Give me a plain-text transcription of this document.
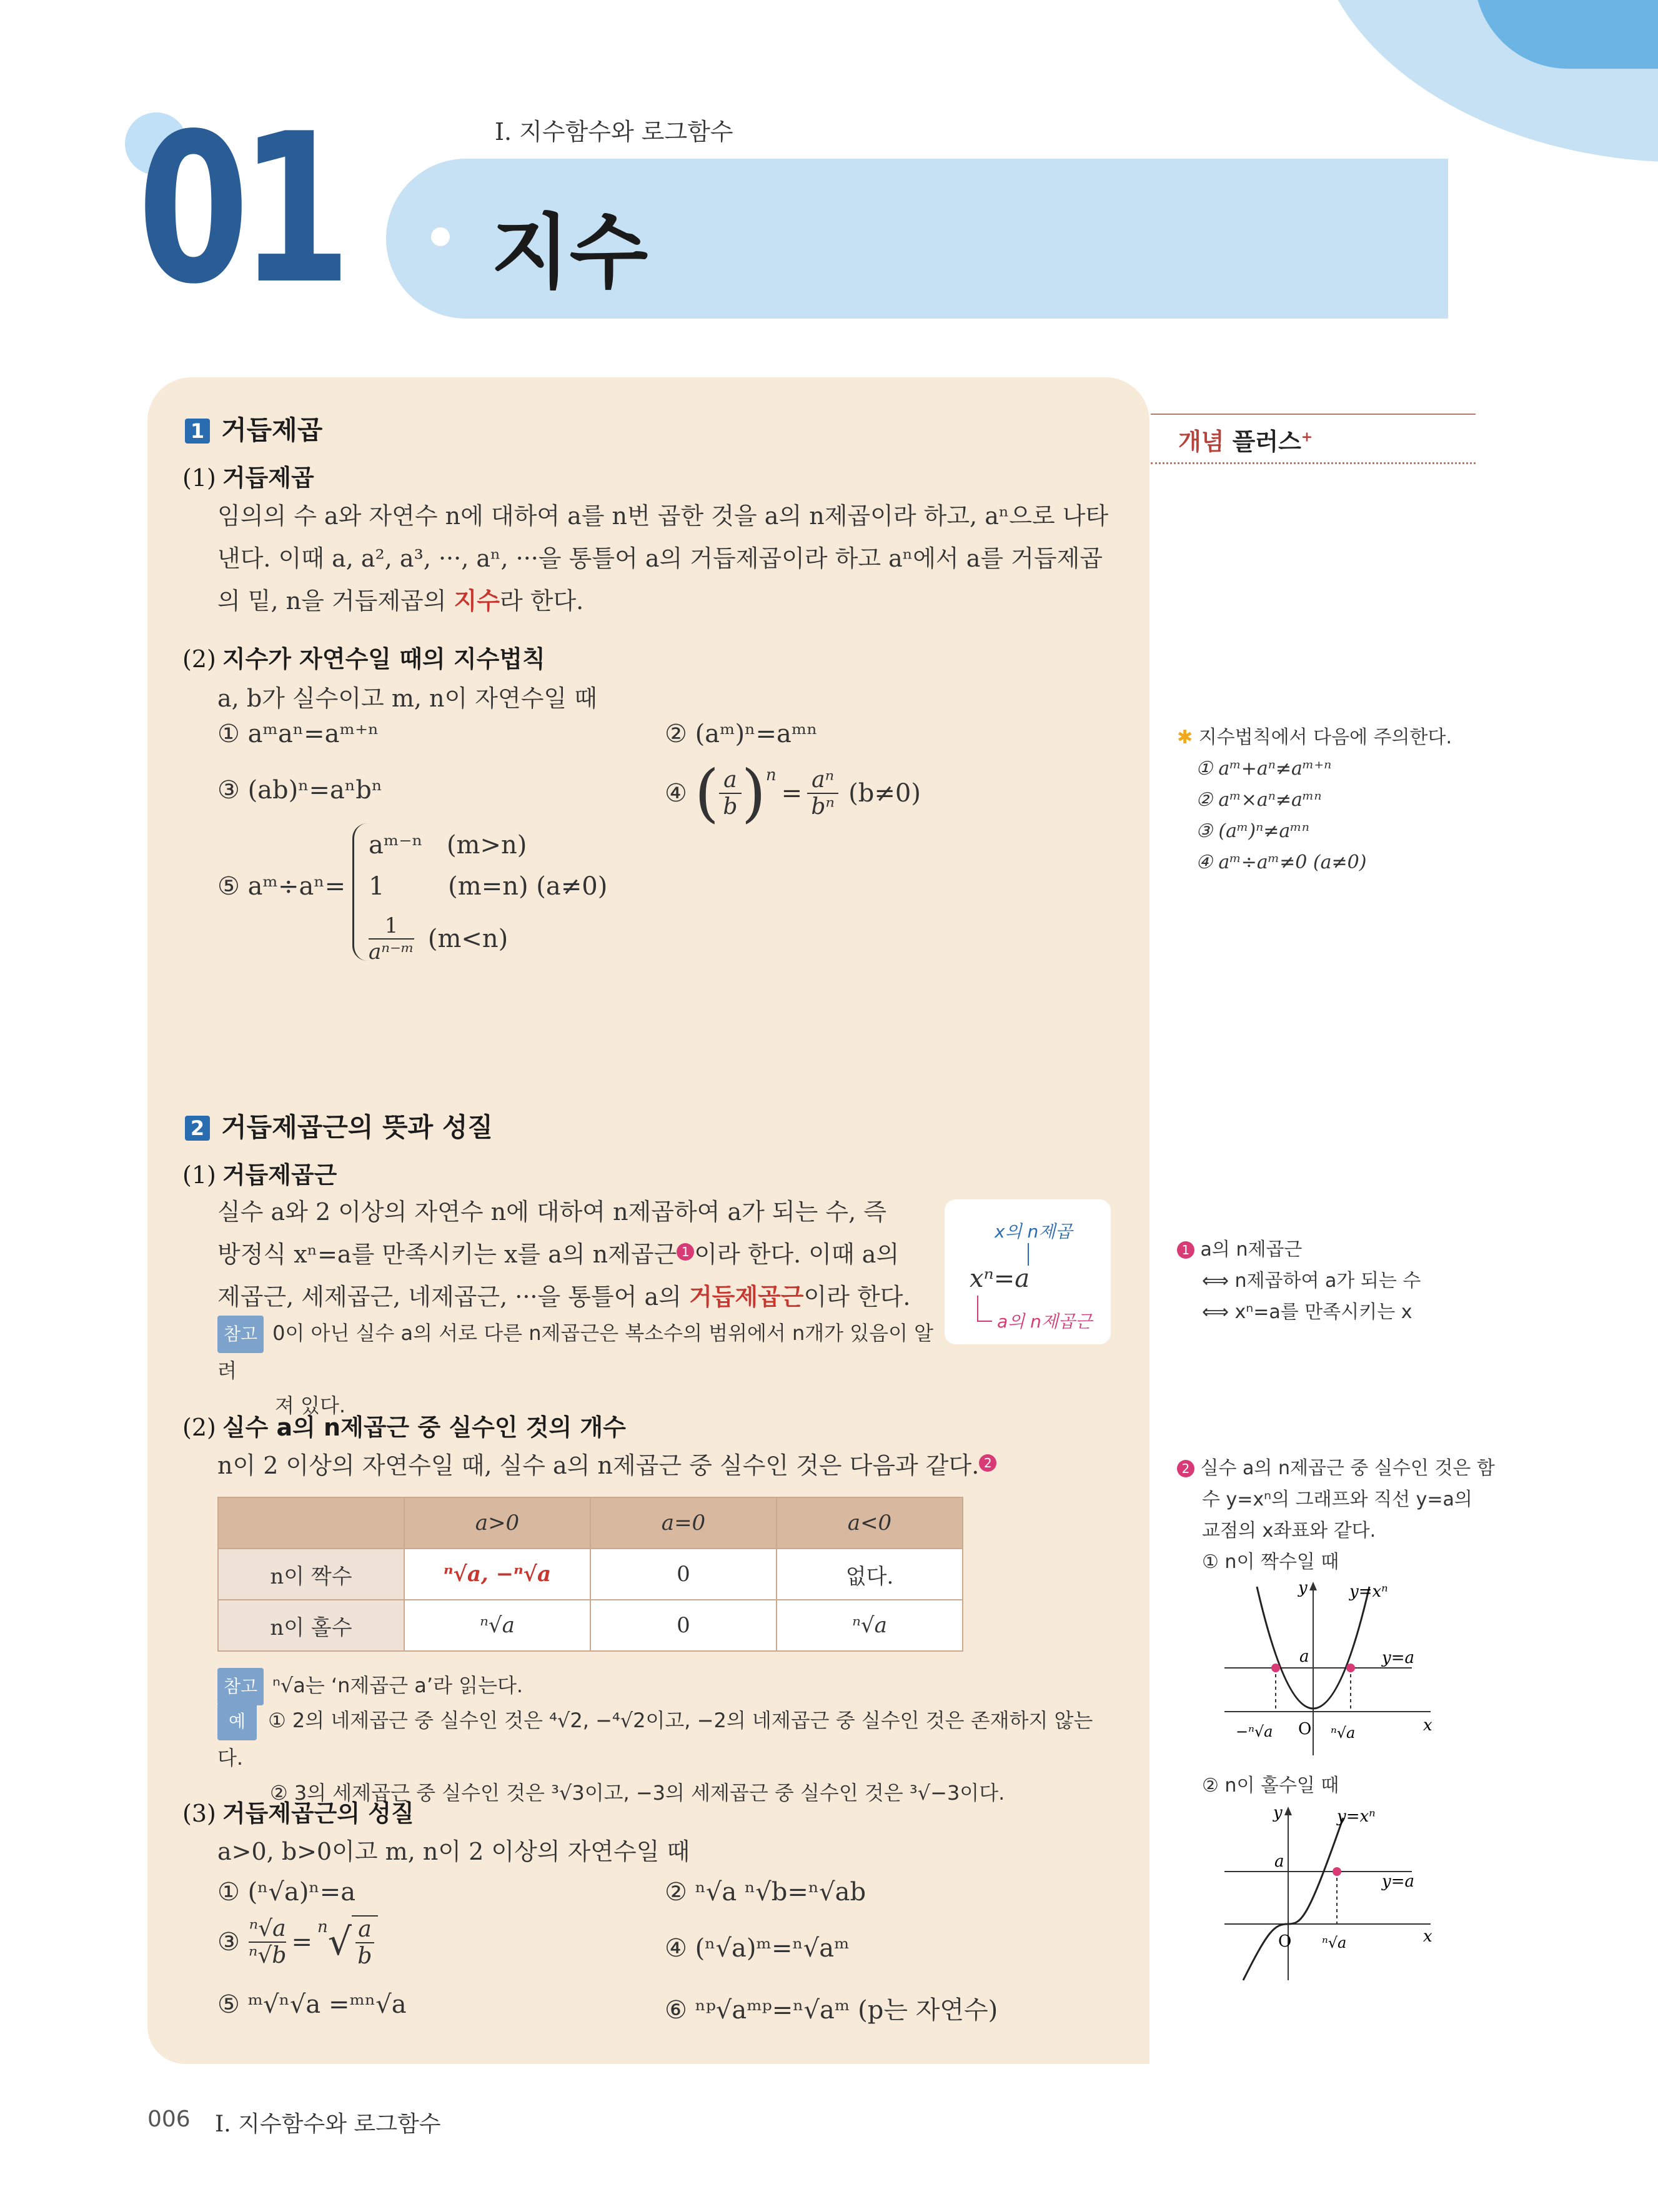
01	I. 지수함수와 로그함수
지수
1 거듭제곱
(1) 거듭제곱
임의의 수 a와 자연수 n에 대하여 a를 n번 곱한 것을 a의 n제곱이라 하고, aⁿ으로 나타
낸다. 이때 a, a², a³, ···, aⁿ, ···을 통틀어 a의 거듭제곱이라 하고 aⁿ에서 a를 거듭제곱
의 밑, n을 거듭제곱의 지수라 한다.
(2) 지수가 자연수일 때의 지수법칙
a, b가 실수이고 m, n이 자연수일 때
① aᵐaⁿ=aᵐ⁺ⁿ	② (aᵐ)ⁿ=aᵐⁿ
③ (ab)ⁿ=aⁿbⁿ	④ ( a
b ) n
= $\frac{\text{aⁿ}}{\text{bⁿ}} (b\ne 0)$
⑤ aᵐ÷aⁿ=
aᵐ⁻ⁿ   (m>n)
1        (m=n) (a≠0)
$\frac{1}{\text{aⁿ⁻ᵐ}} (m<n)$
2 거듭제곱근의 뜻과 성질
(1) 거듭제곱근
실수 a와 2 이상의 자연수 n에 대하여 n제곱하여 a가 되는 수, 즉
방정식 xⁿ=a를 만족시키는 x를 a의 n제곱근 1 이라 한다. 이때 a의
제곱근, 세제곱근, 네제곱근, ···을 통틀어 a의 거듭제곱근이라 한다.
참고 0이 아닌 실수 a의 서로 다른 n제곱근은 복소수의 범위에서 n개가 있음이 알려
져 있다.
x의 n제곱
xⁿ=a
a의 n제곱근
(2) 실수 a의 n제곱근 중 실수인 것의 개수
n이 2 이상의 자연수일 때, 실수 a의 n제곱근 중 실수인 것은 다음과 같다. 2
	a>0	a=0	a<0
n이 짝수	ⁿ√a, −ⁿ√a	0	없다.
n이 홀수	ⁿ√a	0	ⁿ√a
참고 ⁿ√a는 ‘n제곱근 a’라 읽는다.
예 ① 2의 네제곱근 중 실수인 것은 ⁴√2, −⁴√2이고, −2의 네제곱근 중 실수인 것은 존재하지 않는다.
② 3의 세제곱근 중 실수인 것은 ³√3이고, −3의 세제곱근 중 실수인 것은 ³√−3이다.
(3) 거듭제곱근의 성질
a>0, b>0이고 m, n이 2 이상의 자연수일 때
① (ⁿ√a)ⁿ=a	② ⁿ√a ⁿ√b=ⁿ√ab
③ $\frac{\text{ⁿ√a}}{\text{ⁿ√b}}$ =
n √ a
b	④ (ⁿ√a)ᵐ=ⁿ√aᵐ
⑤ ᵐ√ⁿ√a =ᵐⁿ√a	⑥ ⁿᵖ√aᵐᵖ=ⁿ√aᵐ (p는 자연수)
개념 플러스+
✱ 지수법칙에서 다음에 주의한다.
① aᵐ+aⁿ≠aᵐ⁺ⁿ
② aᵐ×aⁿ≠aᵐⁿ
③ (aᵐ)ⁿ≠aᵐⁿ
④ aᵐ÷aᵐ≠0 (a≠0)
1 a의 n제곱근
⟺ n제곱하여 a가 되는 수
⟺ xⁿ=a를 만족시키는 x
2 실수 a의 n제곱근 중 실수인 것은 함
수 y=xⁿ의 그래프와 직선 y=a의
교점의 x좌표와 같다.
① n이 짝수일 때
y
x
y=xⁿ
y=a
a
−ⁿ√a O ⁿ√a
② n이 홀수일 때
y
x
y=xⁿ
y=a
a
O ⁿ√a
006 I. 지수함수와 로그함수
